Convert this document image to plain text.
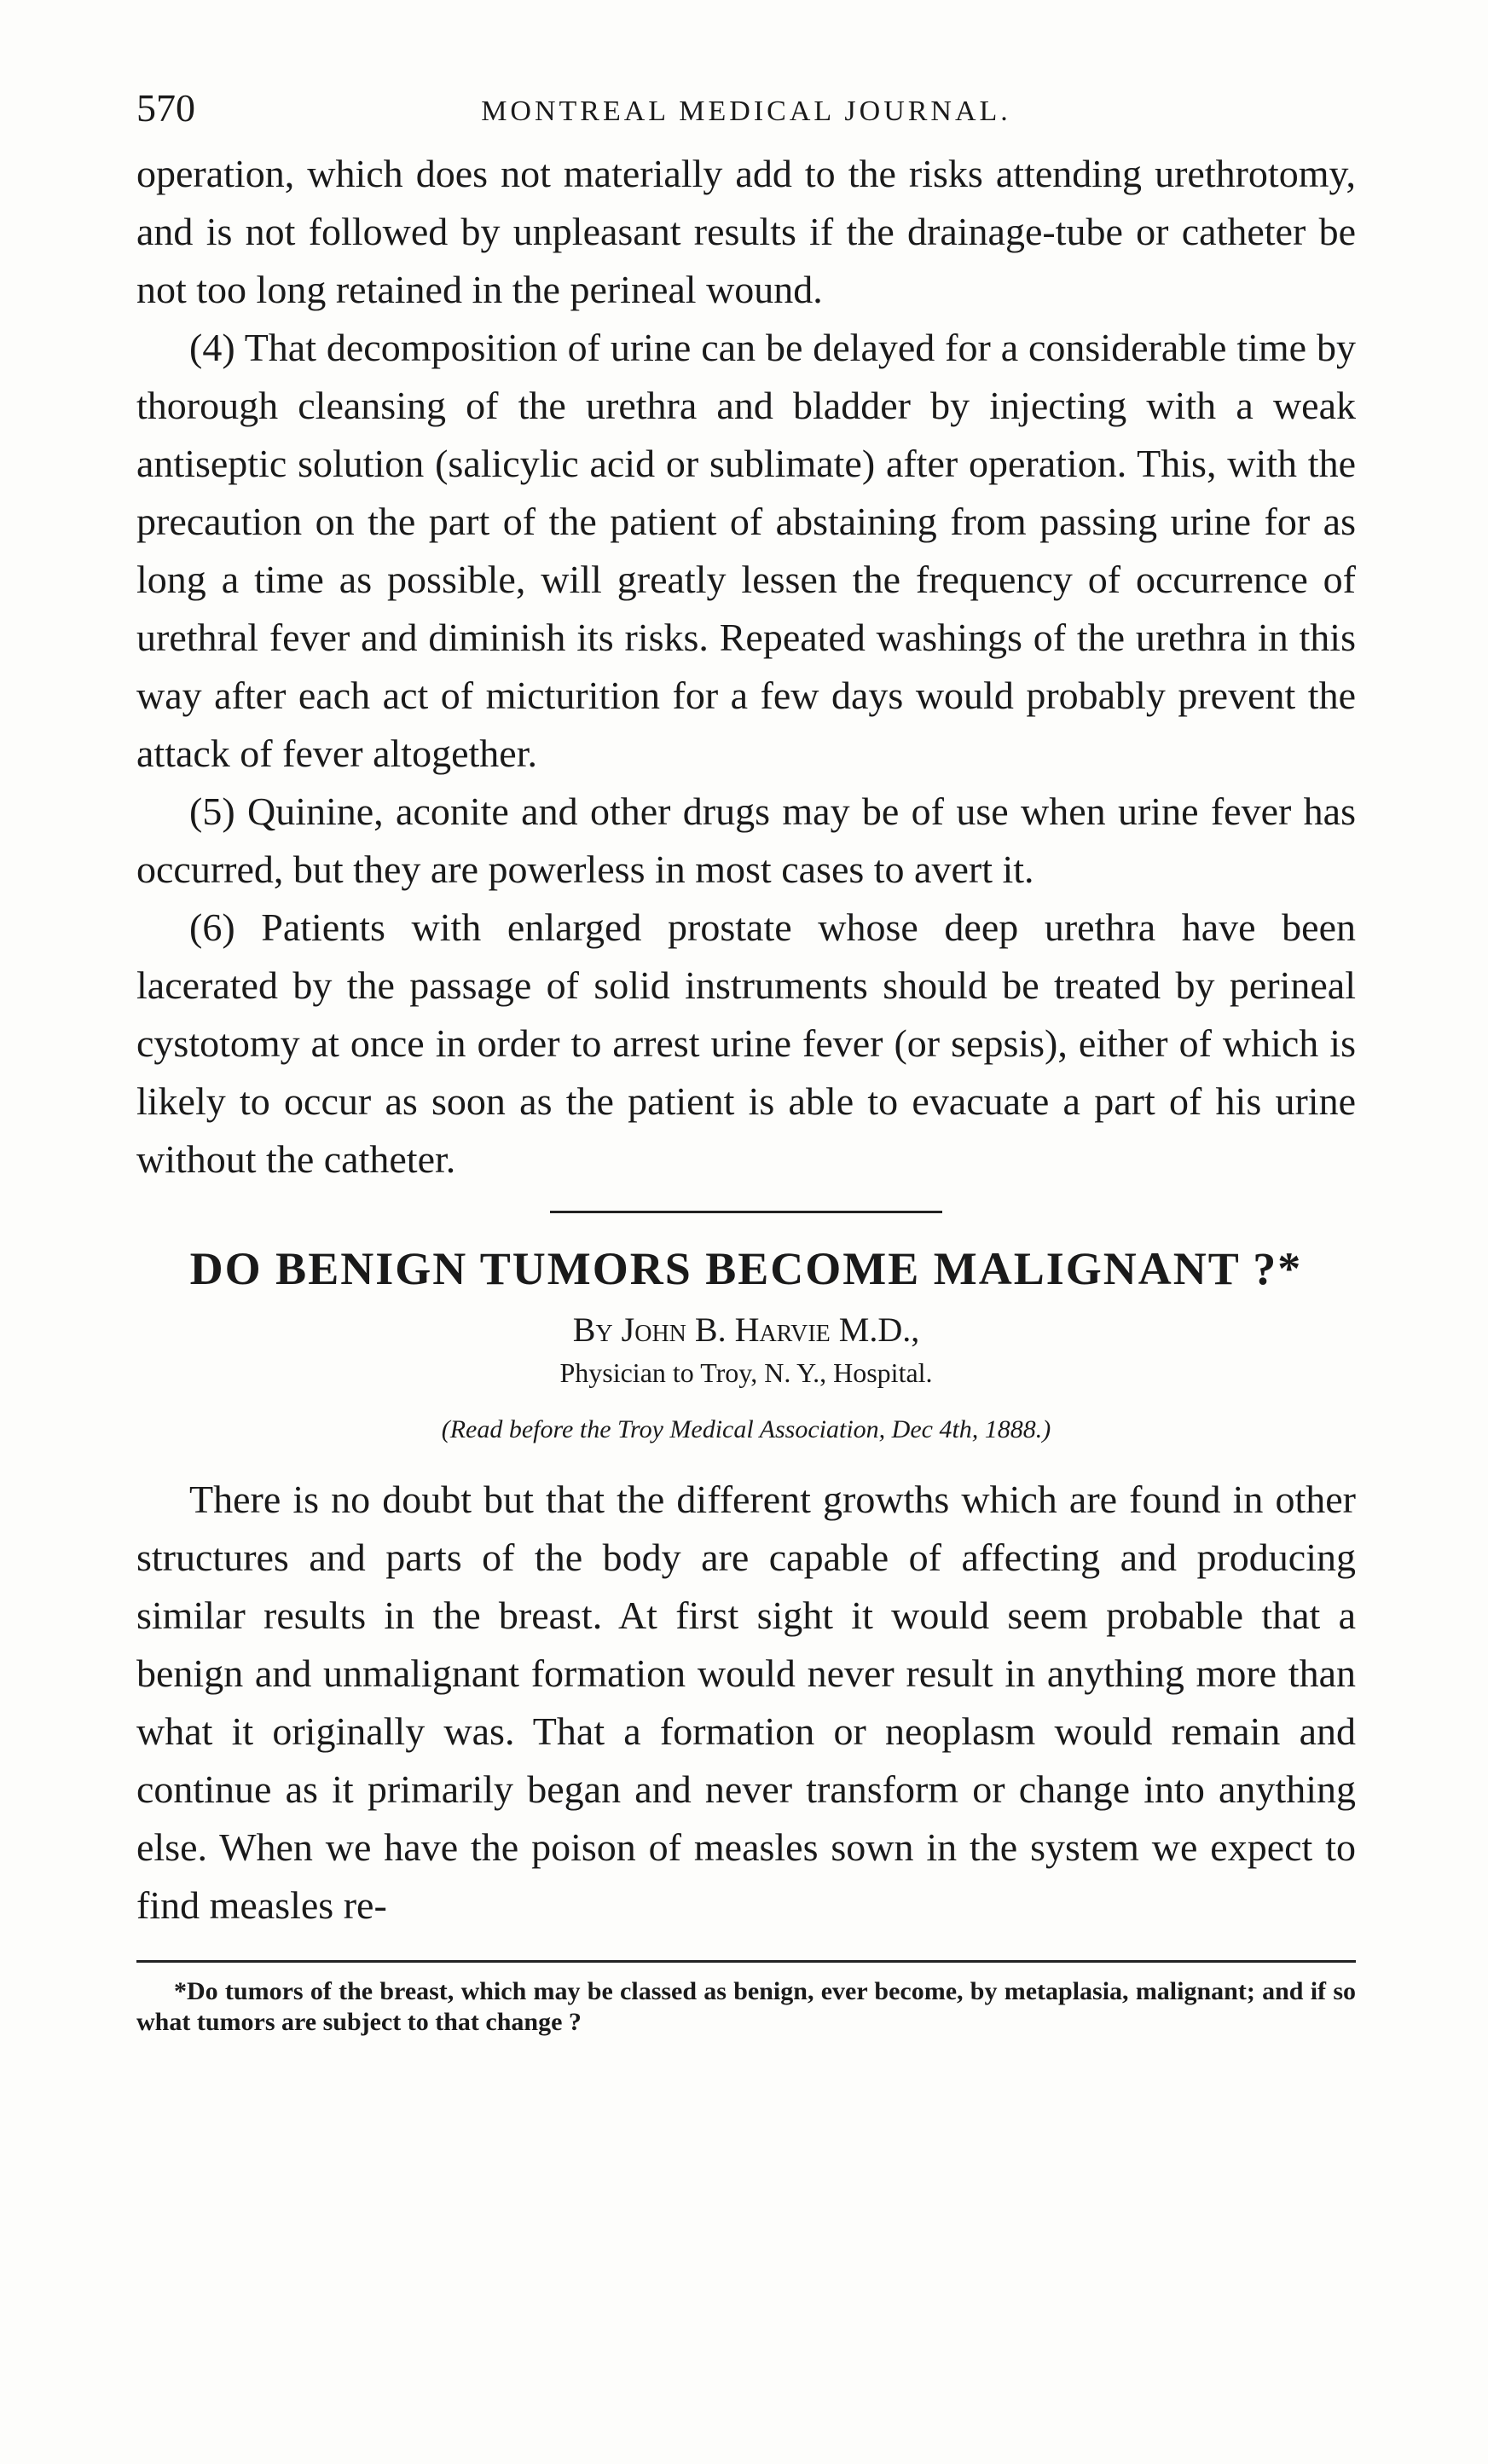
570	MONTREAL MEDICAL JOURNAL.

operation, which does not materially add to the risks attending urethrotomy, and is not followed by unpleasant results if the drainage-tube or catheter be not too long retained in the perineal wound.

(4) That decomposition of urine can be delayed for a considerable time by thorough cleansing of the urethra and bladder by injecting with a weak antiseptic solution (salicylic acid or sublimate) after operation. This, with the precaution on the part of the patient of abstaining from passing urine for as long a time as possible, will greatly lessen the frequency of occurrence of urethral fever and diminish its risks. Repeated washings of the urethra in this way after each act of micturition for a few days would probably prevent the attack of fever altogether.

(5) Quinine, aconite and other drugs may be of use when urine fever has occurred, but they are powerless in most cases to avert it.

(6) Patients with enlarged prostate whose deep urethra have been lacerated by the passage of solid instruments should be treated by perineal cystotomy at once in order to arrest urine fever (or sepsis), either of which is likely to occur as soon as the patient is able to evacuate a part of his urine without the catheter.

DO BENIGN TUMORS BECOME MALIGNANT ?*

By John B. Harvie M.D.,

Physician to Troy, N. Y., Hospital.

(Read before the Troy Medical Association, Dec 4th, 1888.)

There is no doubt but that the different growths which are found in other structures and parts of the body are capable of affecting and producing similar results in the breast. At first sight it would seem probable that a benign and unmalignant formation would never result in anything more than what it originally was. That a formation or neoplasm would remain and continue as it primarily began and never transform or change into anything else. When we have the poison of measles sown in the system we expect to find measles re-

*Do tumors of the breast, which may be classed as benign, ever become, by metaplasia, malignant; and if so what tumors are subject to that change ?
